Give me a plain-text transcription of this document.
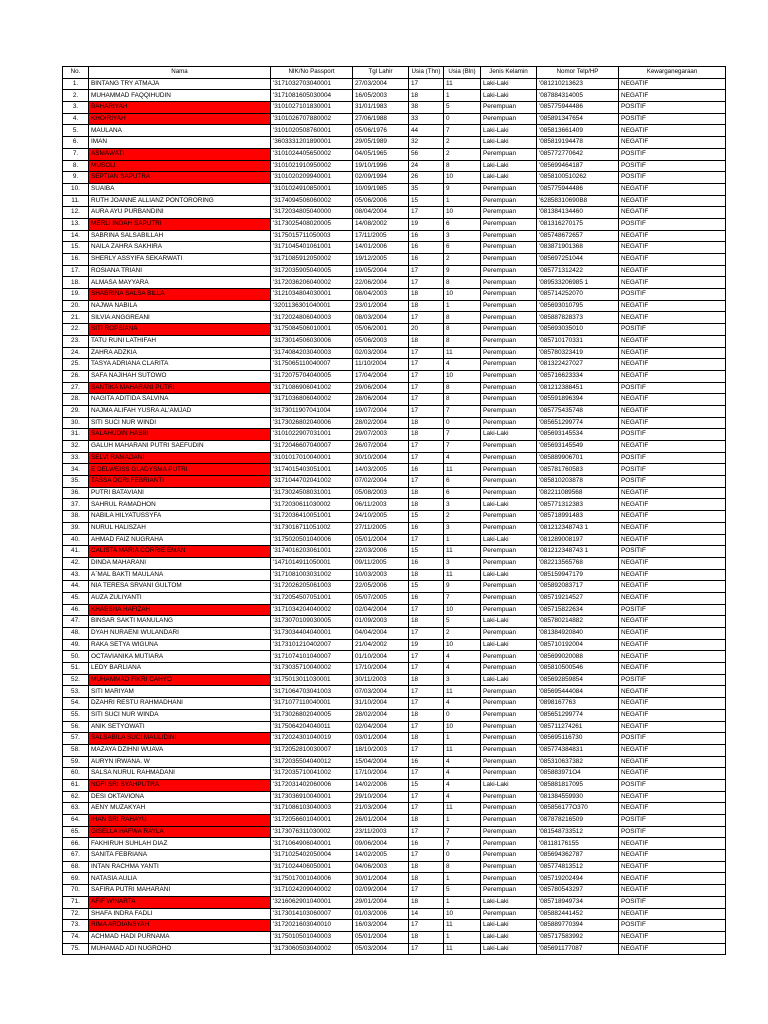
No.	Nama	NIK/No Passport	Tgl Lahir	Usia (Thn)	Usia (Bln)	Jenis Kelamin	Nomor Telp/HP	Kewarganegaraan
1.	BINTANG TRY ATMAJA	'3171032703040001	27/03/2004	17	11	Laki-Laki	'081210213623	NEGATIF
2.	MUHAMMAD FAQQIHUDIN	'3171081605030004	16/05/2003	18	1	Laki-Laki	'087884314005	NEGATIF
3.	BAHARIYAH	'3101027101830001	31/01/1983	38	5	Perempuan	'085775944486	POSITIF
4.	KHOIRIYAH	'3101026707880002	27/06/1988	33	0	Perempuan	'085891347654	POSITIF
5.	MAULANA	'3101020508760001	05/06/1976	44	7	Laki-Laki	'085813661409	NEGATIF
6.	IMAN	'3603331201890001	29/05/1989	32	2	Laki-Laki	'085819194478	NEGATIF
7.	ASMAWATI	'3101024405650002	04/05/1965	56	2	Perempuan	'085772770642	POSITIF
8.	MUSOLI	'3101021910950002	19/10/1996	24	8	Laki-Laki	'085699464187	POSITIF
9.	SEPTIAN SAPUTRA	'3101020209940001	02/09/1994	26	10	Laki-Laki	'0858100510262	POSITIF
10.	SUAIBA	'3101024910850001	10/09/1985	35	9	Perempuan	'085775944486	NEGATIF
11.	RUTH JOANNE ALLIANZ PONTORORING	'3174094506060002	05/06/2006	15	1	Perempuan	'62858310690B8	NEGATIF
12.	AURA AYU PURBANDINI	'3172034805040000	08/04/2004	17	10	Perempuan	'081384134460	NEGATIF
13.	MERLI INDAH SAPUTRI	'3173025408020005	14/08/2002	19	6	Perempuan	'081316270175	POSITIF
14.	SABRINA SALSABILLAH	'3175015711050003	17/11/2005	16	3	Perempuan	'085748672657	NEGATIF
15.	NAILA ZAHRA SAKHIRA	'3171045401061001	14/01/2006	16	6	Perempuan	'083871901368	NEGATIF
16.	SHERLY ASSYIFA SEKARWATI	'3171085912050002	19/12/2005	16	2	Perempuan	'085697251044	NEGATIF
17.	ROSIANA TRIANI	'3172035905040005	19/05/2004	17	9	Perempuan	'085771312422	NEGATIF
18.	ALMASA MAYYARA	'3172036206040002	22/06/2004	17	8	Perempuan	'089533206985 1	NEGATIF
19.	SHABRINA SALSA BILLA	'3121034804030001	08/04/2003	18	10	Perempuan	'085714252070	POSITIF
20.	NAJWA NABILA	'3201136301040001	23/01/2004	18	1	Perempuan	'085693010795	NEGATIF
21.	SILVIA ANGGREANI	'3172024806040003	08/03/2004	17	8	Perempuan	'085887828373	NEGATIF
22.	SITI ROPSIANA	'3175084506010001	05/06/2001	20	8	Perempuan	'085693035010	POSITIF
23.	TATU RUNI LATHIFAH	'3173014506030006	05/06/2003	18	8	Perempuan	'085710170331	NEGATIF
24.	ZAHRA ADZKIA	'3174084203040003	02/03/2004	17	11	Perempuan	'085780323419	NEGATIF
25.	TASYA ADRIANA CLARITA	'3175065110040007	11/10/2004	17	4	Perempuan	'081322427027	NEGATIF
26.	SAFA NAJIHAH SUTOWO	'3172075704040005	17/04/2004	17	10	Perempuan	'085716623334	NEGATIF
27.	SANTIKA MAHARANI PUTRI	'3171086906041002	29/06/2004	17	8	Perempuan	'081212388451	POSITIF
28.	NAGITA ADITIDA SALVINA	'3171036806040002	28/06/2004	17	8	Perempuan	'085591896394	NEGATIF
29.	NAJMA ALIFAH YUSRA AL'AMJAD	'3173011907041004	19/07/2004	17	7	Perempuan	'085775435748	NEGATIF
30.	SITI SUCI NUR WINDI	'3173026802040006	28/02/2004	18	0	Perempuan	'085651299774	NEGATIF
31.	SALAHUDIN HASBI	'3101022907031001	29/07/2003	18	7	Laki-Laki	'085693145534	POSITIF
32.	GALUH MAHARANI PUTRI SAEFUDIN	'3172046607040007	26/07/2004	17	7	Perempuan	'085693145549	NEGATIF
33.	SELVI RAMADANI	'3101017010040001	30/10/2004	17	4	Perempuan	'085889906701	POSITIF
34.	E DELWEISS GLADYSMA PUTRI	'3174015403051001	14/03/2005	16	11	Perempuan	'085781760583	POSITIF
35.	TASSA DORI FEBRIANTI	'3171044702041002	07/02/2004	17	6	Perempuan	'085810203878	POSITIF
36.	PUTRI BATAVIANI	'3173024508031001	05/08/2003	18	6	Perempuan	'082211089568	NEGATIF
37.	SAHRUL RAMADHON	'3172030611030002	06/11/2003	18	3	Laki-Laki	'085771312383	NEGATIF
38.	NABILA HILYATUSSYFA	'3172036410051001	24/10/2005	15	2	Perempuan	'085718991483	NEGATIF
39.	NURUL HALISZAH	'3173016711051002	27/11/2005	16	3	Perempuan	'081212348743 1	NEGATIF
40.	AHMAD FAIZ NUGRAHA	'3175020501040006	05/01/2004	17	1	Laki-Laki	'081289008197	NEGATIF
41.	CALISTA MARIA CORRIE EMAN	'3174016203061001	22/03/2006	15	11	Perempuan	'081212348743 1	POSITIF
42.	DINDA MAHARANI	'1471014911050001	09/11/2005	16	3	Perempuan	'082213565768	NEGATIF
43.	A`MAL BAKTI MAULANA	'3171081003031002	10/03/2003	18	11	Laki-Laki	'085159947179	NEGATIF
44.	NIA TERESA SRVANI GULTOM	'3172026205061003	22/05/2006	15	9	Perempuan	'085892083717	NEGATIF
45.	AUZA ZULIYANTI	'3172054507051001	05/07/2005	16	7	Perempuan	'085719214527	NEGATIF
46.	KHAESNA HAFIZAH	'3171034204040002	02/04/2004	17	10	Perempuan	'085715822634	POSITIF
47.	BINSAR SAKTI MANULANG	'3173070109030005	01/09/2003	18	5	Laki-Laki	'085780214882	NEGATIF
48.	DYAH NURAENI WULANDARI	'3173034404040001	04/04/2004	17	2	Perempuan	'081384920840	NEGATIF
49.	RAKA SETYA WIGUNA	'3173101210402007	21/04/2002	19	10	Laki-Laki	'085710192004	NEGATIF
50.	OCTAVIANIKA MUTIARA	'3171074101040007	01/10/2004	17	4	Perempuan	'085699020088	NEGATIF
51.	LEDY BARLIANA	'3173035710040002	17/10/2004	17	4	Perempuan	'085810500546	NEGATIF
52.	MUHAMMAD FIKRI CAHYO	'3175013011030001	30/11/2003	18	3	Laki-Laki	'085692859854	POSITIF
53.	SITI MARIYAM	'3171064703041003	07/03/2004	17	11	Perempuan	'085695444084	NEGATIF
54.	DZAHRI RESTU RAHMADHANI	'3171077110040001	31/10/2004	17	4	Perempuan	'0898167763	NEGATIF
55.	SITI SUCI NUR WINDA	'3173026802040005	28/02/2004	18	0	Perempuan	'085651299774	NEGATIF
56.	ANIK SETYOWATI	'3175064204040011	02/04/2004	17	10	Perempuan	'085711274261	NEGATIF
57.	SALSABILA SUCI MAULIDINI	'3172024301040019	03/01/2004	18	1	Perempuan	'085695116730	POSITIF
58.	MAZAYA DZIHNI WUAVA	'3172052810030007	18/10/2003	17	11	Perempuan	'085774384831	NEGATIF
59.	AURYN IRWANA. W	'3172035504040012	15/04/2004	16	4	Perempuan	'085310637382	NEGATIF
60.	SALSA NURUL RAHMADANI	'3172035710041002	17/10/2004	17	4	Perempuan	'085883971O4	NEGATIF
61.	NOFI SRI SYAHPUTRA	'3172031402060006	14/02/2006	15	4	Laki-Laki	'085881817095	POSITIF
62.	DESI OKTAVIONA	'3173036910040001	29/10/2004	17	4	Perempuan	'081384559930	NEGATIF
63.	AENY MUZAKYAH	'3171086103040003	21/03/2004	17	11	Perempuan	'085856177O370	NEGATIF
64.	IHAN SRI RAHAYU	'3172056601040001	26/01/2004	18	1	Perempuan	'087878216509	POSITIF
65.	GISELLA HAFWA RAYLA	'3173076311030002	23/11/2003	17	7	Perempuan	'081548733512	POSITIF
66.	FAKHIRUH SUHLAH DIAZ	'3171064906040001	09/06/2004	16	7	Perempuan	'08118176155	NEGATIF
67.	SANITA FEBRIANA	'3171025402050004	14/02/2005	17	0	Perempuan	'085694362787	NEGATIF
68.	INTAN RACHMA YANTI	'3171024406050001	04/06/2003	18	8	Perempuan	'085774813512	NEGATIF
69.	NATASIA AULIA	'3175017001040006	30/01/2004	18	1	Perempuan	'085719202494	NEGATIF
70.	SAFIRA PUTRI MAHARANI	'3171024209040002	02/09/2004	17	5	Perempuan	'085780543297	NEGATIF
71.	AFIF WINARTA	'3216062901040001	29/01/2004	18	1	Laki-Laki	'085718949734	POSITIF
72.	SHAFA INDRA FADLI	'3173014103060007	01/03/2006	14	10	Perempuan	'085882441452	NEGATIF
73.	RIMA ARDIANSYAH	'3172021603040010	16/03/2004	17	11	Laki-Laki	'085889770394	POSITIF
74.	ACHMAD HADI PURNAMA	'3175010501040003	05/01/2004	18	1	Laki-Laki	'085717583992	NEGATIF
75.	MUHAMAD ADI NUGROHO	'3173060503040002	05/03/2004	17	11	Laki-Laki	'085691177087	NEGATIF
